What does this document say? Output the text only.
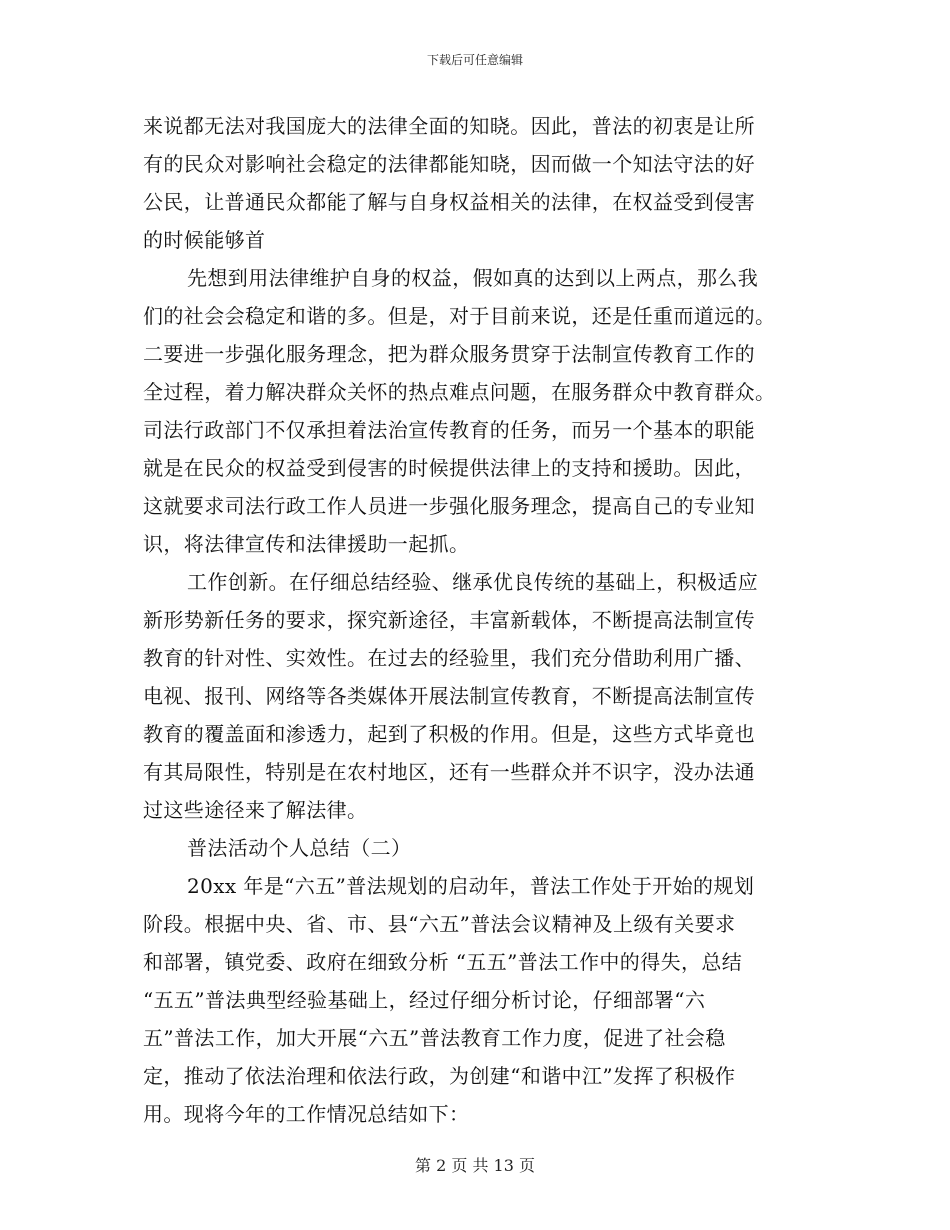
下载后可任意编辑
来说都无法对我国庞大的法律全面的知晓。因此，普法的初衷是让所
有的民众对影响社会稳定的法律都能知晓，因而做一个知法守法的好
公民，让普通民众都能了解与自身权益相关的法律，在权益受到侵害
的时候能够首
先想到用法律维护自身的权益，假如真的达到以上两点，那么我
们的社会会稳定和谐的多。但是，对于目前来说，还是任重而道远的。
二要进一步强化服务理念，把为群众服务贯穿于法制宣传教育工作的
全过程，着力解决群众关怀的热点难点问题，在服务群众中教育群众。
司法行政部门不仅承担着法治宣传教育的任务，而另一个基本的职能
就是在民众的权益受到侵害的时候提供法律上的支持和援助。因此，
这就要求司法行政工作人员进一步强化服务理念，提高自己的专业知
识，将法律宣传和法律援助一起抓。
工作创新。在仔细总结经验、继承优良传统的基础上，积极适应
新形势新任务的要求，探究新途径，丰富新载体，不断提高法制宣传
教育的针对性、实效性。在过去的经验里，我们充分借助利用广播、
电视、报刊、网络等各类媒体开展法制宣传教育，不断提高法制宣传
教育的覆盖面和渗透力，起到了积极的作用。但是，这些方式毕竟也
有其局限性，特别是在农村地区，还有一些群众并不识字，没办法通
过这些途径来了解法律。
普法活动个人总结（二）
20xx 年是“六五”普法规划的启动年，普法工作处于开始的规划
阶段。根据中央、省、市、县“六五”普法会议精神及上级有关要求
和部署，镇党委、政府在细致分析 “五五”普法工作中的得失，总结
“五五”普法典型经验基础上，经过仔细分析讨论，仔细部署“六
五”普法工作，加大开展“六五”普法教育工作力度，促进了社会稳
定，推动了依法治理和依法行政，为创建“和谐中江”发挥了积极作
用。现将今年的工作情况总结如下：
第 2 页 共 13 页
